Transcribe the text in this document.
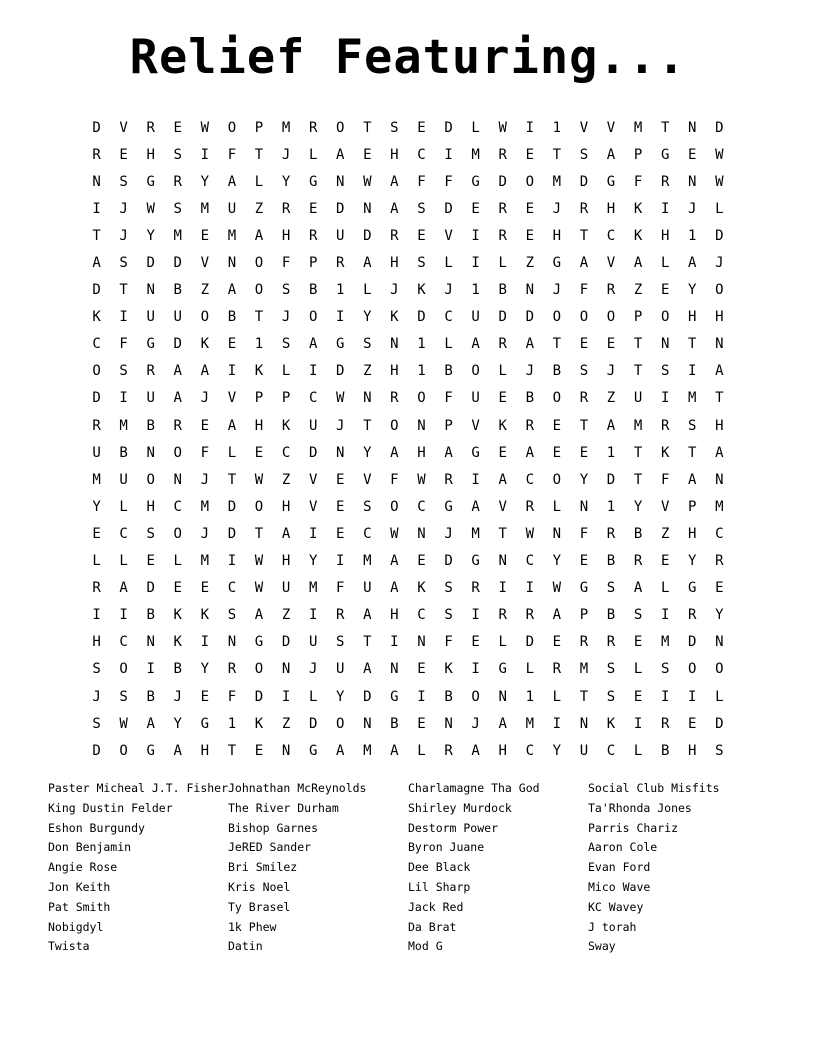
Relief Featuring...
D	V	R	E	W	O	P	M	R	O	T	S	E	D	L	W	I	1	V	V	M	T	N	D
R	E	H	S	I	F	T	J	L	A	E	H	C	I	M	R	E	T	S	A	P	G	E	W
N	S	G	R	Y	A	L	Y	G	N	W	A	F	F	G	D	O	M	D	G	F	R	N	W
I	J	W	S	M	U	Z	R	E	D	N	A	S	D	E	R	E	J	R	H	K	I	J	L
T	J	Y	M	E	M	A	H	R	U	D	R	E	V	I	R	E	H	T	C	K	H	1	D
A	S	D	D	V	N	O	F	P	R	A	H	S	L	I	L	Z	G	A	V	A	L	A	J
D	T	N	B	Z	A	O	S	B	1	L	J	K	J	1	B	N	J	F	R	Z	E	Y	O
K	I	U	U	O	B	T	J	O	I	Y	K	D	C	U	D	D	O	O	O	P	O	H	H
C	F	G	D	K	E	1	S	A	G	S	N	1	L	A	R	A	T	E	E	T	N	T	N
O	S	R	A	A	I	K	L	I	D	Z	H	1	B	O	L	J	B	S	J	T	S	I	A
D	I	U	A	J	V	P	P	C	W	N	R	O	F	U	E	B	O	R	Z	U	I	M	T
R	M	B	R	E	A	H	K	U	J	T	O	N	P	V	K	R	E	T	A	M	R	S	H
U	B	N	O	F	L	E	C	D	N	Y	A	H	A	G	E	A	E	E	1	T	K	T	A
M	U	O	N	J	T	W	Z	V	E	V	F	W	R	I	A	C	O	Y	D	T	F	A	N
Y	L	H	C	M	D	O	H	V	E	S	O	C	G	A	V	R	L	N	1	Y	V	P	M
E	C	S	O	J	D	T	A	I	E	C	W	N	J	M	T	W	N	F	R	B	Z	H	C
L	L	E	L	M	I	W	H	Y	I	M	A	E	D	G	N	C	Y	E	B	R	E	Y	R
R	A	D	E	E	C	W	U	M	F	U	A	K	S	R	I	I	W	G	S	A	L	G	E
I	I	B	K	K	S	A	Z	I	R	A	H	C	S	I	R	R	A	P	B	S	I	R	Y
H	C	N	K	I	N	G	D	U	S	T	I	N	F	E	L	D	E	R	R	E	M	D	N
S	O	I	B	Y	R	O	N	J	U	A	N	E	K	I	G	L	R	M	S	L	S	O	O
J	S	B	J	E	F	D	I	L	Y	D	G	I	B	O	N	1	L	T	S	E	I	I	L
S	W	A	Y	G	1	K	Z	D	O	N	B	E	N	J	A	M	I	N	K	I	R	E	D
D	O	G	A	H	T	E	N	G	A	M	A	L	R	A	H	C	Y	U	C	L	B	H	S
Paster Micheal J.T. Fisher
King Dustin Felder
Eshon Burgundy
Don Benjamin
Angie Rose
Jon Keith
Pat Smith
Nobigdyl
Twista
Johnathan McReynolds
The River Durham
Bishop Garnes
JeRED Sander
Bri Smilez
Kris Noel
Ty Brasel
1k Phew
Datin
Charlamagne Tha God
Shirley Murdock
Destorm Power
Byron Juane
Dee Black
Lil Sharp
Jack Red
Da Brat
Mod G
Social Club Misfits
Ta'Rhonda Jones
Parris Chariz
Aaron Cole
Evan Ford
Mico Wave
KC Wavey
J torah
Sway
